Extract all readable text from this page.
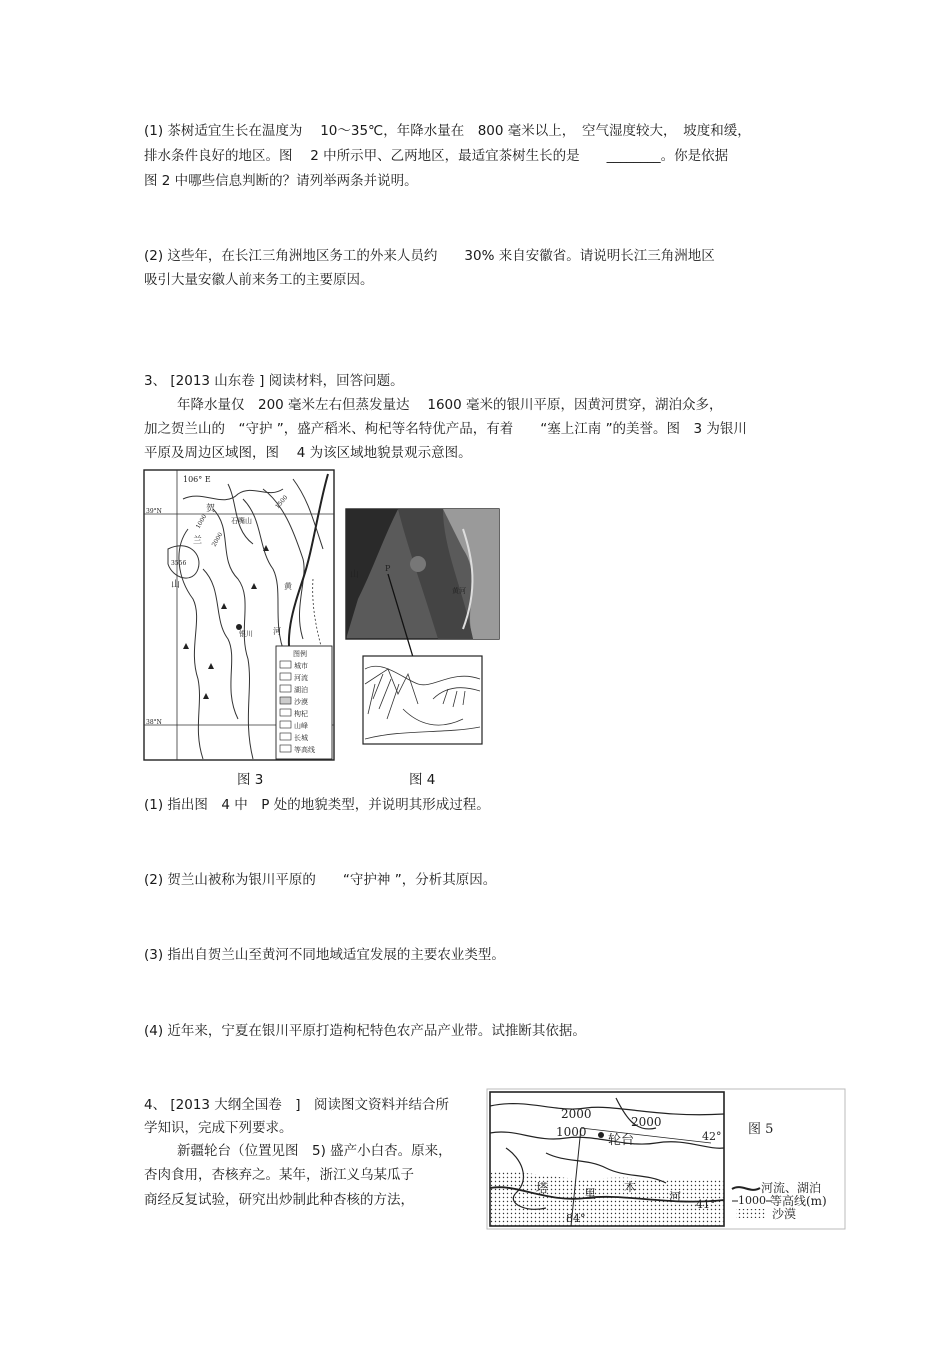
(1) 茶树适宜生长在温度为　 10～35℃，年降水量在　800 毫米以上，　空气湿度较大，　坡度和缓，
排水条件良好的地区。图　 2 中所示甲、乙两地区，最适宜茶树生长的是　　________。你是依据
图 2 中哪些信息判断的？请列举两条并说明。
(2) 这些年，在长江三角洲地区务工的外来人员约　　30% 来自安徽省。请说明长江三角洲地区
吸引大量安徽人前来务工的主要原因。
3、 [2013 山东卷 ] 阅读材料，回答问题。
年降水量仅　200 毫米左右但蒸发量达　 1600 毫米的银川平原，因黄河贯穿，湖泊众多，
加之贺兰山的　“守护 ”，盛产稻米、枸杞等名特优产品，有着　　“塞上江南 ”的美誉。图　3 为银川
平原及周边区域图，图　 4 为该区域地貌景观示意图。
106° E
39°N
38°N
贺
兰
山
石嘴山
银川
黄
河
1000
2000
1500
3556
图例
城市
河流
湖泊
沙漠
枸杞
山峰
长城
等高线
山
P
黄河
图 3	图 4
(1) 指出图　4 中　P 处的地貌类型，并说明其形成过程。
(2) 贺兰山被称为银川平原的　　“守护神 ”，分析其原因。
(3) 指出自贺兰山至黄河不同地域适宜发展的主要农业类型。
(4) 近年来，宁夏在银川平原打造枸杞特色农产品产业带。试推断其依据。
4、 [2013 大纲全国卷　]　阅读图文资料并结合所
学知识，完成下列要求。
新疆轮台（位置见图　5) 盛产小白杏。原来，
杏肉食用，杏核弃之。某年，浙江义乌某瓜子
商经反复试验，研究出炒制此种杏核的方法，
2000
1000
2000
轮台	42°
41°
84°
塔	里 木
河
图 5
河流、湖泊
1000 等高线(m)
沙漠
